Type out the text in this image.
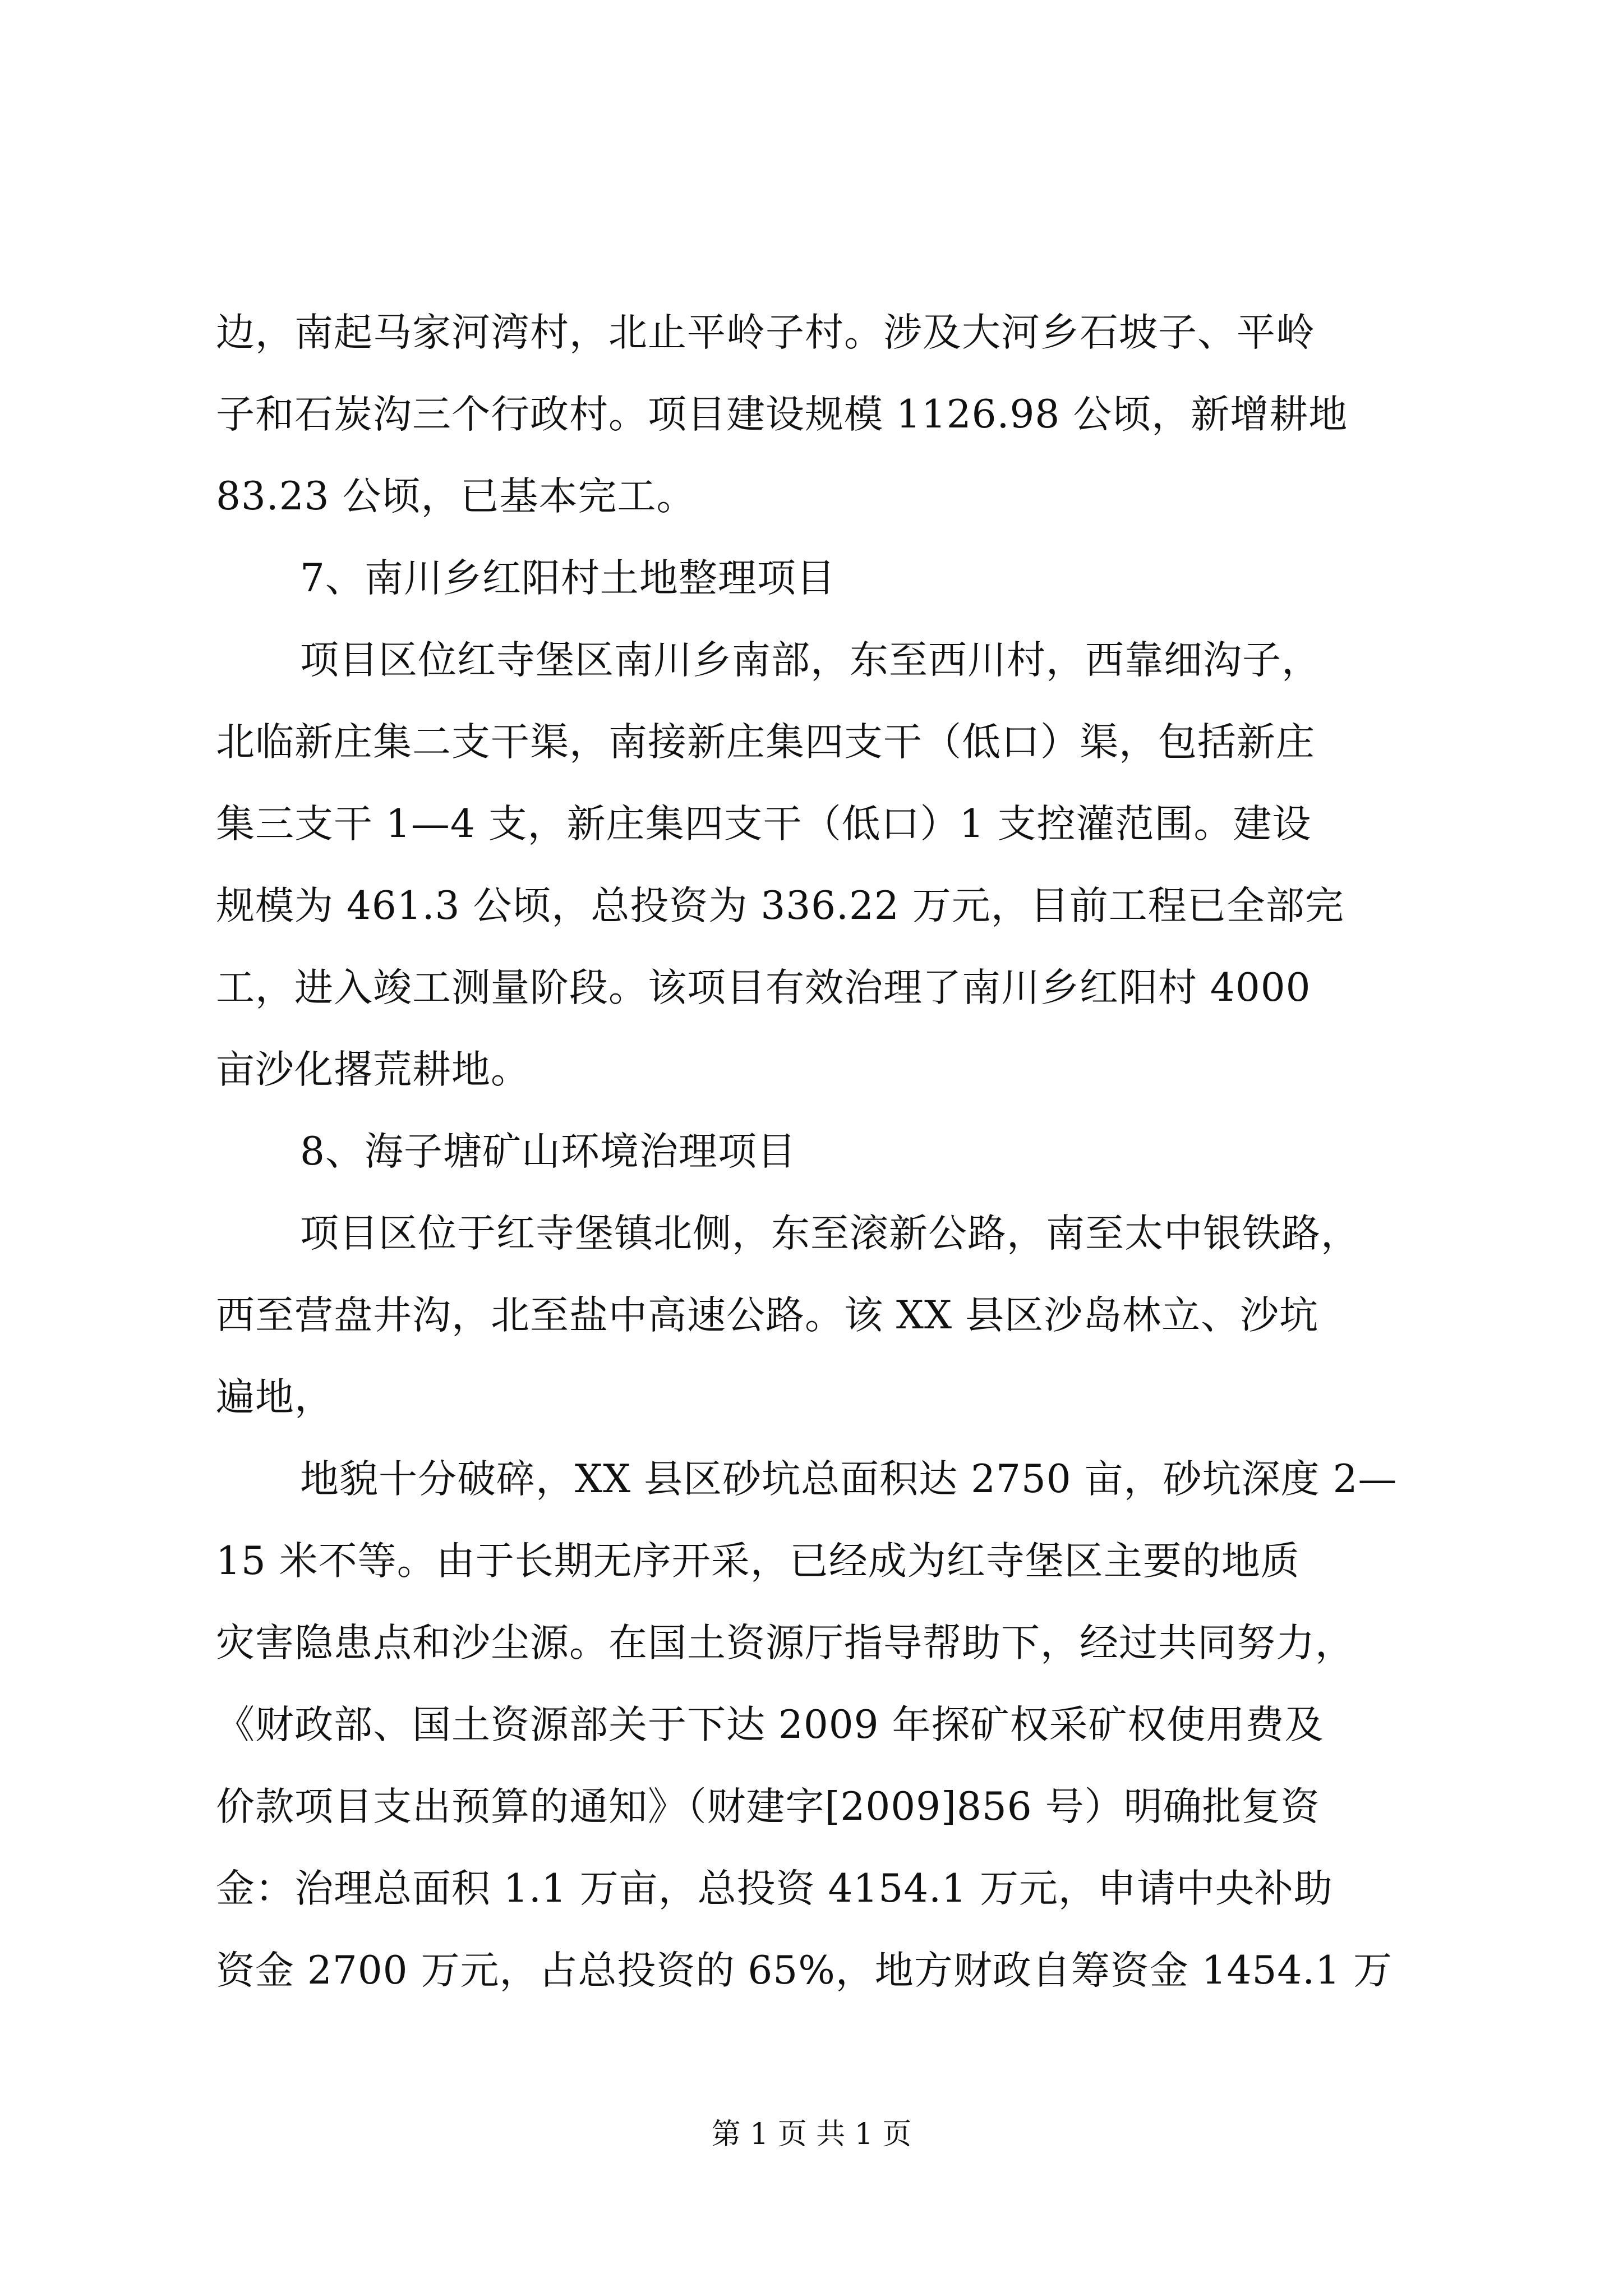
边，南起马家河湾村，北止平岭子村。涉及大河乡石坡子、平岭

子和石炭沟三个行政村。项目建设规模 1126.98 公顷，新增耕地

83.23 公顷，已基本完工。

7、南川乡红阳村土地整理项目

项目区位红寺堡区南川乡南部，东至西川村，西靠细沟子，

北临新庄集二支干渠，南接新庄集四支干（低口）渠，包括新庄

集三支干 1—4 支，新庄集四支干（低口）1 支控灌范围。建设

规模为 461.3 公顷，总投资为 336.22 万元，目前工程已全部完

工，进入竣工测量阶段。该项目有效治理了南川乡红阳村 4000

亩沙化撂荒耕地。

8、海子塘矿山环境治理项目

项目区位于红寺堡镇北侧，东至滚新公路，南至太中银铁路，

西至营盘井沟，北至盐中高速公路。该 XX 县区沙岛林立、沙坑

遍地，

地貌十分破碎，XX 县区砂坑总面积达 2750 亩，砂坑深度 2—

15 米不等。由于长期无序开采，已经成为红寺堡区主要的地质

灾害隐患点和沙尘源。在国土资源厅指导帮助下，经过共同努力，

《财政部、国土资源部关于下达 2009 年探矿权采矿权使用费及

价款项目支出预算的通知》（财建字[2009]856 号）明确批复资

金：治理总面积 1.1 万亩，总投资 4154.1 万元，申请中央补助

资金 2700 万元，占总投资的 65%，地方财政自筹资金 1454.1 万

第 1 页 共 1 页
